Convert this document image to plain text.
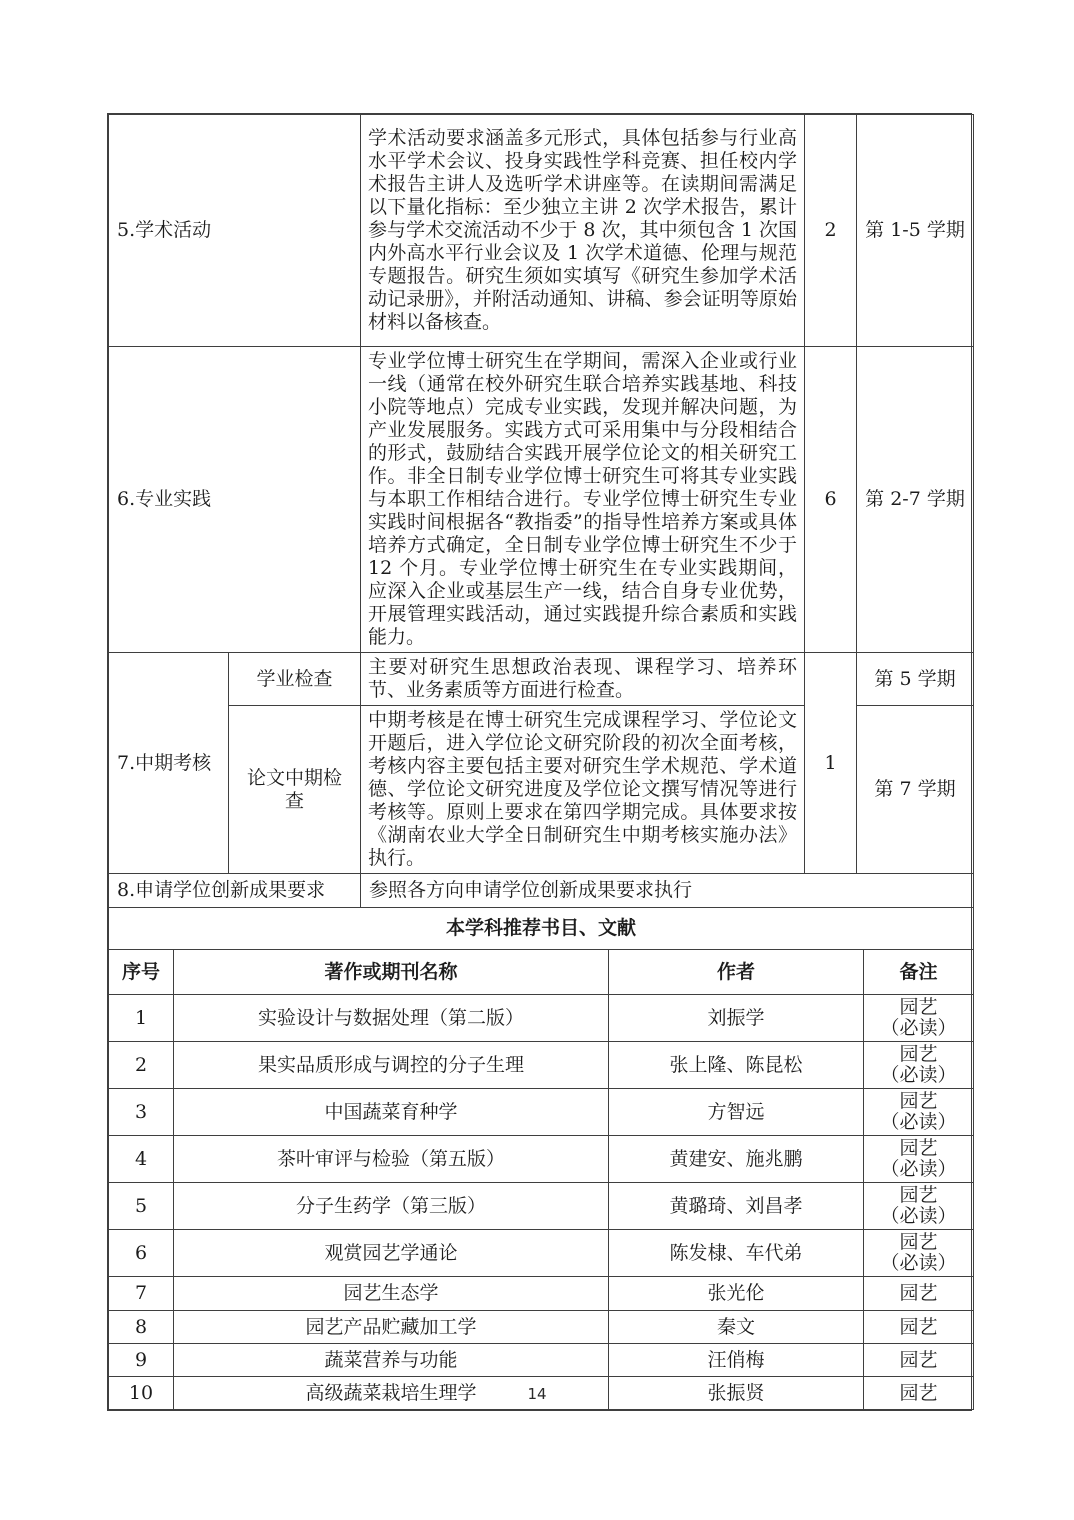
5.学术活动		学术活动要求涵盖多元形式，具体包括参与行业高水平学术会议、投身实践性学科竞赛、担任校内学术报告主讲人及选听学术讲座等。在读期间需满足以下量化指标：至少独立主讲 2 次学术报告，累计参与学术交流活动不少于 8 次，其中须包含 1 次国内外高水平行业会议及 1 次学术道德、伦理与规范专题报告。研究生须如实填写《研究生参加学术活动记录册》，并附活动通知、讲稿、参会证明等原始材料以备核查。	2	第 1-5 学期
6.专业实践		专业学位博士研究生在学期间，需深入企业或行业一线（通常在校外研究生联合培养实践基地、科技小院等地点）完成专业实践，发现并解决问题，为产业发展服务。实践方式可采用集中与分段相结合的形式，鼓励结合实践开展学位论文的相关研究工作。非全日制专业学位博士研究生可将其专业实践与本职工作相结合进行。专业学位博士研究生专业实践时间根据各“教指委”的指导性培养方案或具体培养方式确定，全日制专业学位博士研究生不少于 12 个月。专业学位博士研究生在专业实践期间，应深入企业或基层生产一线，结合自身专业优势，开展管理实践活动，通过实践提升综合素质和实践能力。	6	第 2-7 学期
7.中期考核	学业检查	主要对研究生思想政治表现、课程学习、培养环节、业务素质等方面进行检查。	1	第 5 学期

	论文中期检查	中期考核是在博士研究生完成课程学习、学位论文开题后，进入学位论文研究阶段的初次全面考核，考核内容主要包括主要对研究生学术规范、学术道德、学位论文研究进度及学位论文撰写情况等进行考核等。原则上要求在第四学期完成。具体要求按《湖南农业大学全日制研究生中期考核实施办法》执行。		第 7 学期
8.申请学位创新成果要求		参照各方向申请学位创新成果要求执行		
本学科推荐书目、文献				
序号	著作或期刊名称	作者	备注
1	实验设计与数据处理（第二版）	刘振学	园艺
（必读）

2	果实品质形成与调控的分子生理	张上隆、陈昆松	园艺
（必读）

3	中国蔬菜育种学	方智远	园艺
（必读）

4	茶叶审评与检验（第五版）	黄建安、施兆鹏	园艺
（必读）

5	分子生药学（第三版）	黄璐琦、刘昌孝	园艺
（必读）

6	观赏园艺学通论	陈发棣、车代弟	园艺
（必读）

7	园艺生态学	张光伦	园艺
8	园艺产品贮藏加工学	秦文	园艺
9	蔬菜营养与功能	汪俏梅	园艺
10	高级蔬菜栽培生理学	张振贤	园艺
14
